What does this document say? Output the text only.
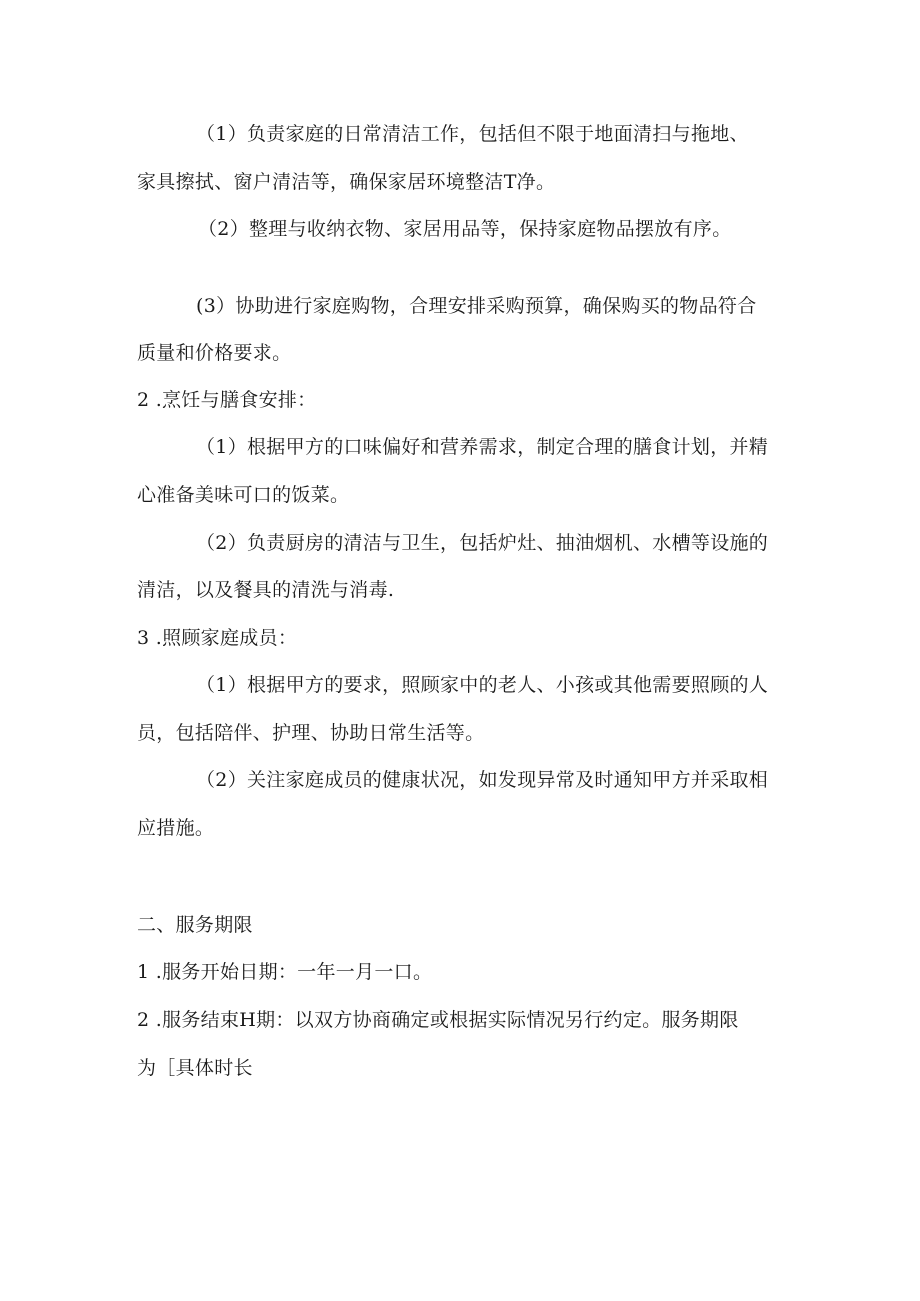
（1）负责家庭的日常清洁工作，包括但不限于地面清扫与拖地、
家具擦拭、窗户清洁等，确保家居环境整洁T净。
（2）整理与收纳衣物、家居用品等，保持家庭物品摆放有序。
(3）协助进行家庭购物，合理安排采购预算，确保购买的物品符合
质量和价格要求。
2 .烹饪与膳食安排：
（1）根据甲方的口味偏好和营养需求，制定合理的膳食计划，并精
心准备美味可口的饭菜。
（2）负责厨房的清洁与卫生，包括炉灶、抽油烟机、水槽等设施的
清洁，以及餐具的清洗与消毒.
3 .照顾家庭成员：
（1）根据甲方的要求，照顾家中的老人、小孩或其他需要照顾的人
员，包括陪伴、护理、协助日常生活等。
（2）关注家庭成员的健康状况，如发现异常及时通知甲方并采取相
应措施。
二、服务期限
1 .服务开始日期：一年一月一口。
2 .服务结束H期：以双方协商确定或根据实际情况另行约定。服务期限
为［具体时长
